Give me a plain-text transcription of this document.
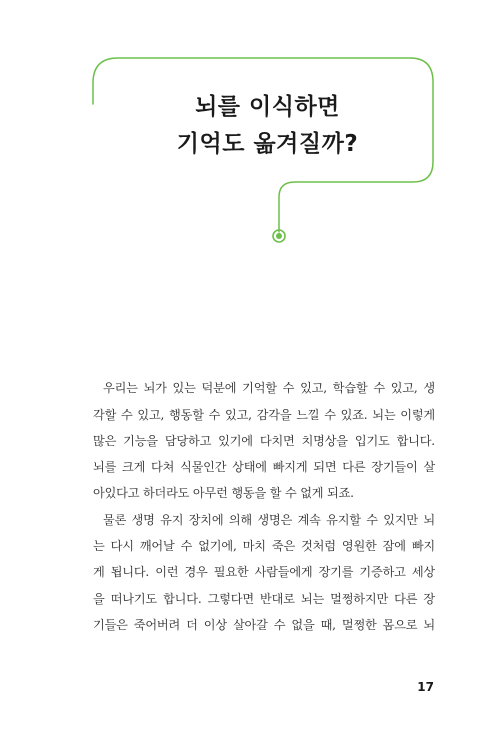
뇌를 이식하면
기억도 옮겨질까?
우리는 뇌가 있는 덕분에 기억할 수 있고, 학습할 수 있고, 생
각할 수 있고, 행동할 수 있고, 감각을 느낄 수 있죠. 뇌는 이렇게
많은 기능을 담당하고 있기에 다치면 치명상을 입기도 합니다.
뇌를 크게 다쳐 식물인간 상태에 빠지게 되면 다른 장기들이 살
아있다고 하더라도 아무런 행동을 할 수 없게 되죠.
물론 생명 유지 장치에 의해 생명은 계속 유지할 수 있지만 뇌
는 다시 깨어날 수 없기에, 마치 죽은 것처럼 영원한 잠에 빠지
게 됩니다. 이런 경우 필요한 사람들에게 장기를 기증하고 세상
을 떠나기도 합니다. 그렇다면 반대로 뇌는 멀쩡하지만 다른 장
기들은 죽어버려 더 이상 살아갈 수 없을 때, 멀쩡한 몸으로 뇌
17
